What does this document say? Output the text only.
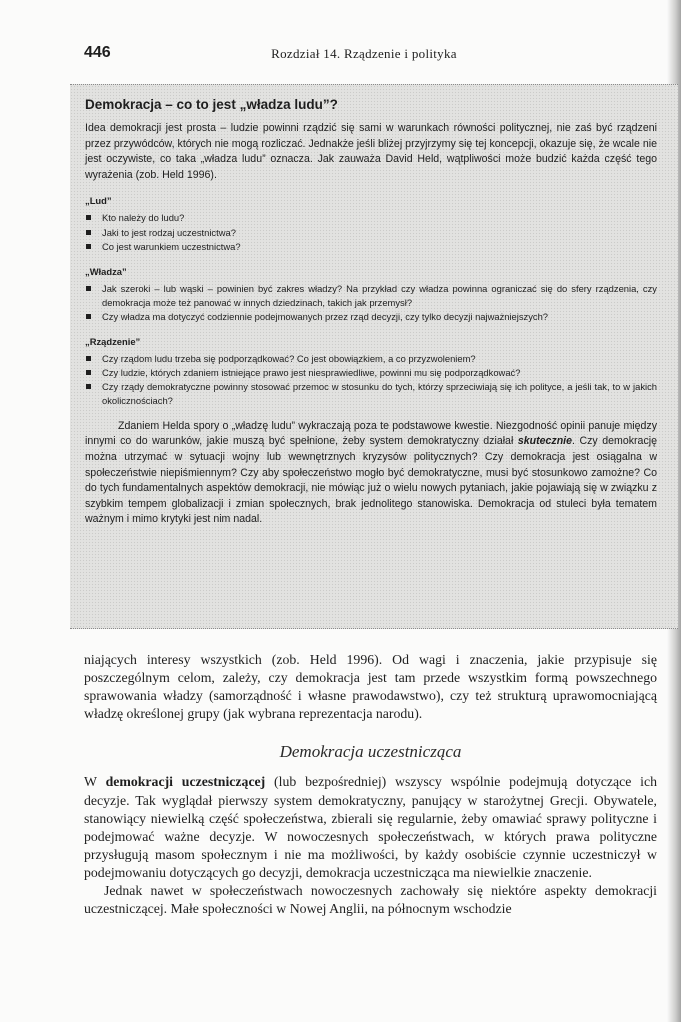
446	Rozdział 14. Rządzenie i polityka
Demokracja – co to jest „władza ludu”?

Idea demokracji jest prosta – ludzie powinni rządzić się sami w warunkach równości politycznej, nie zaś być rządzeni przez przywódców, których nie mogą rozliczać. Jednakże jeśli bliżej przyjrzymy się tej koncepcji, okazuje się, że wcale nie jest oczywiste, co taka „władza ludu” oznacza. Jak zauważa David Held, wątpliwości może budzić każda część tego wyrażenia (zob. Held 1996).

„Lud”
Kto należy do ludu?
Jaki to jest rodzaj uczestnictwa?
Co jest warunkiem uczestnictwa?
„Władza”
Jak szeroki – lub wąski – powinien być zakres władzy? Na przykład czy władza powinna ograniczać się do sfery rządzenia, czy demokracja może też panować w innych dziedzinach, takich jak przemysł?
Czy władza ma dotyczyć codziennie podejmowanych przez rząd decyzji, czy tylko decyzji najważniejszych?
„Rządzenie”
Czy rządom ludu trzeba się podporządkować? Co jest obowiązkiem, a co przyzwoleniem?
Czy ludzie, których zdaniem istniejące prawo jest niesprawiedliwe, powinni mu się podporządkować?
Czy rządy demokratyczne powinny stosować przemoc w stosunku do tych, którzy sprzeciwiają się ich polityce, a jeśli tak, to w jakich okolicznościach?

Zdaniem Helda spory o „władzę ludu” wykraczają poza te podstawowe kwestie. Niezgodność opinii panuje między innymi co do warunków, jakie muszą być spełnione, żeby system demokratyczny działał skutecznie. Czy demokrację można utrzymać w sytuacji wojny lub wewnętrznych kryzysów politycznych? Czy demokracja jest osiągalna w społeczeństwie niepiśmiennym? Czy aby społeczeństwo mogło być demokratyczne, musi być stosunkowo zamożne? Co do tych fundamentalnych aspektów demokracji, nie mówiąc już o wielu nowych pytaniach, jakie pojawiają się w związku z szybkim tempem globalizacji i zmian społecznych, brak jednolitego stanowiska. Demokracja od stuleci była tematem ważnym i mimo krytyki jest nim nadal.

niających interesy wszystkich (zob. Held 1996). Od wagi i znaczenia, jakie przypisuje się poszczególnym celom, zależy, czy demokracja jest tam przede wszystkim formą powszechnego sprawowania władzy (samorządność i własne prawodawstwo), czy też strukturą uprawomocniającą władzę określonej grupy (jak wybrana reprezentacja narodu).

Demokracja uczestnicząca

W demokracji uczestniczącej (lub bezpośredniej) wszyscy wspólnie podejmują dotyczące ich decyzje. Tak wyglądał pierwszy system demokratyczny, panujący w starożytnej Grecji. Obywatele, stanowiący niewielką część społeczeństwa, zbierali się regularnie, żeby omawiać sprawy polityczne i podejmować ważne decyzje. W nowoczesnych społeczeństwach, w których prawa polityczne przysługują masom społecznym i nie ma możliwości, by każdy osobiście czynnie uczestniczył w podejmowaniu dotyczących go decyzji, demokracja uczestnicząca ma niewielkie znaczenie.

Jednak nawet w społeczeństwach nowoczesnych zachowały się niektóre aspekty demokracji uczestniczącej. Małe społeczności w Nowej Anglii, na północnym wschodzie
